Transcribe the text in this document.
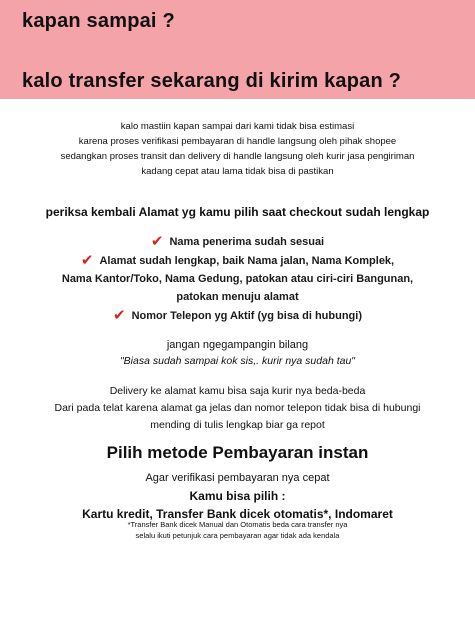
kapan sampai ?
kalo transfer sekarang di kirim kapan ?
kalo mastiin kapan sampai dari kami tidak bisa estimasi
karena proses verifikasi pembayaran di handle langsung oleh pihak shopee
sedangkan proses transit dan delivery di handle langsung oleh kurir jasa pengiriman
kadang cepat atau lama tidak bisa di pastikan
periksa kembali Alamat yg kamu pilih saat checkout sudah lengkap
✔ Nama penerima sudah sesuai
✔ Alamat sudah lengkap, baik Nama jalan, Nama Komplek,
Nama Kantor/Toko, Nama Gedung, patokan atau ciri-ciri Bangunan,
patokan menuju alamat
✔ Nomor Telepon yg Aktif (yg bisa di hubungi)
jangan ngegampangin bilang
"Biasa sudah sampai kok sis,. kurir nya sudah tau"
Delivery ke alamat kamu bisa saja kurir nya beda-beda
Dari pada telat karena alamat ga jelas dan nomor telepon tidak bisa di hubungi
mending di tulis lengkap biar ga repot
Pilih metode Pembayaran instan
Agar verifikasi pembayaran nya cepat
Kamu bisa pilih :
Kartu kredit, Transfer Bank dicek otomatis*, Indomaret
*Transfer Bank dicek Manual dan Otomatis beda cara transfer nya
selalu ikuti petunjuk cara pembayaran agar tidak ada kendala
